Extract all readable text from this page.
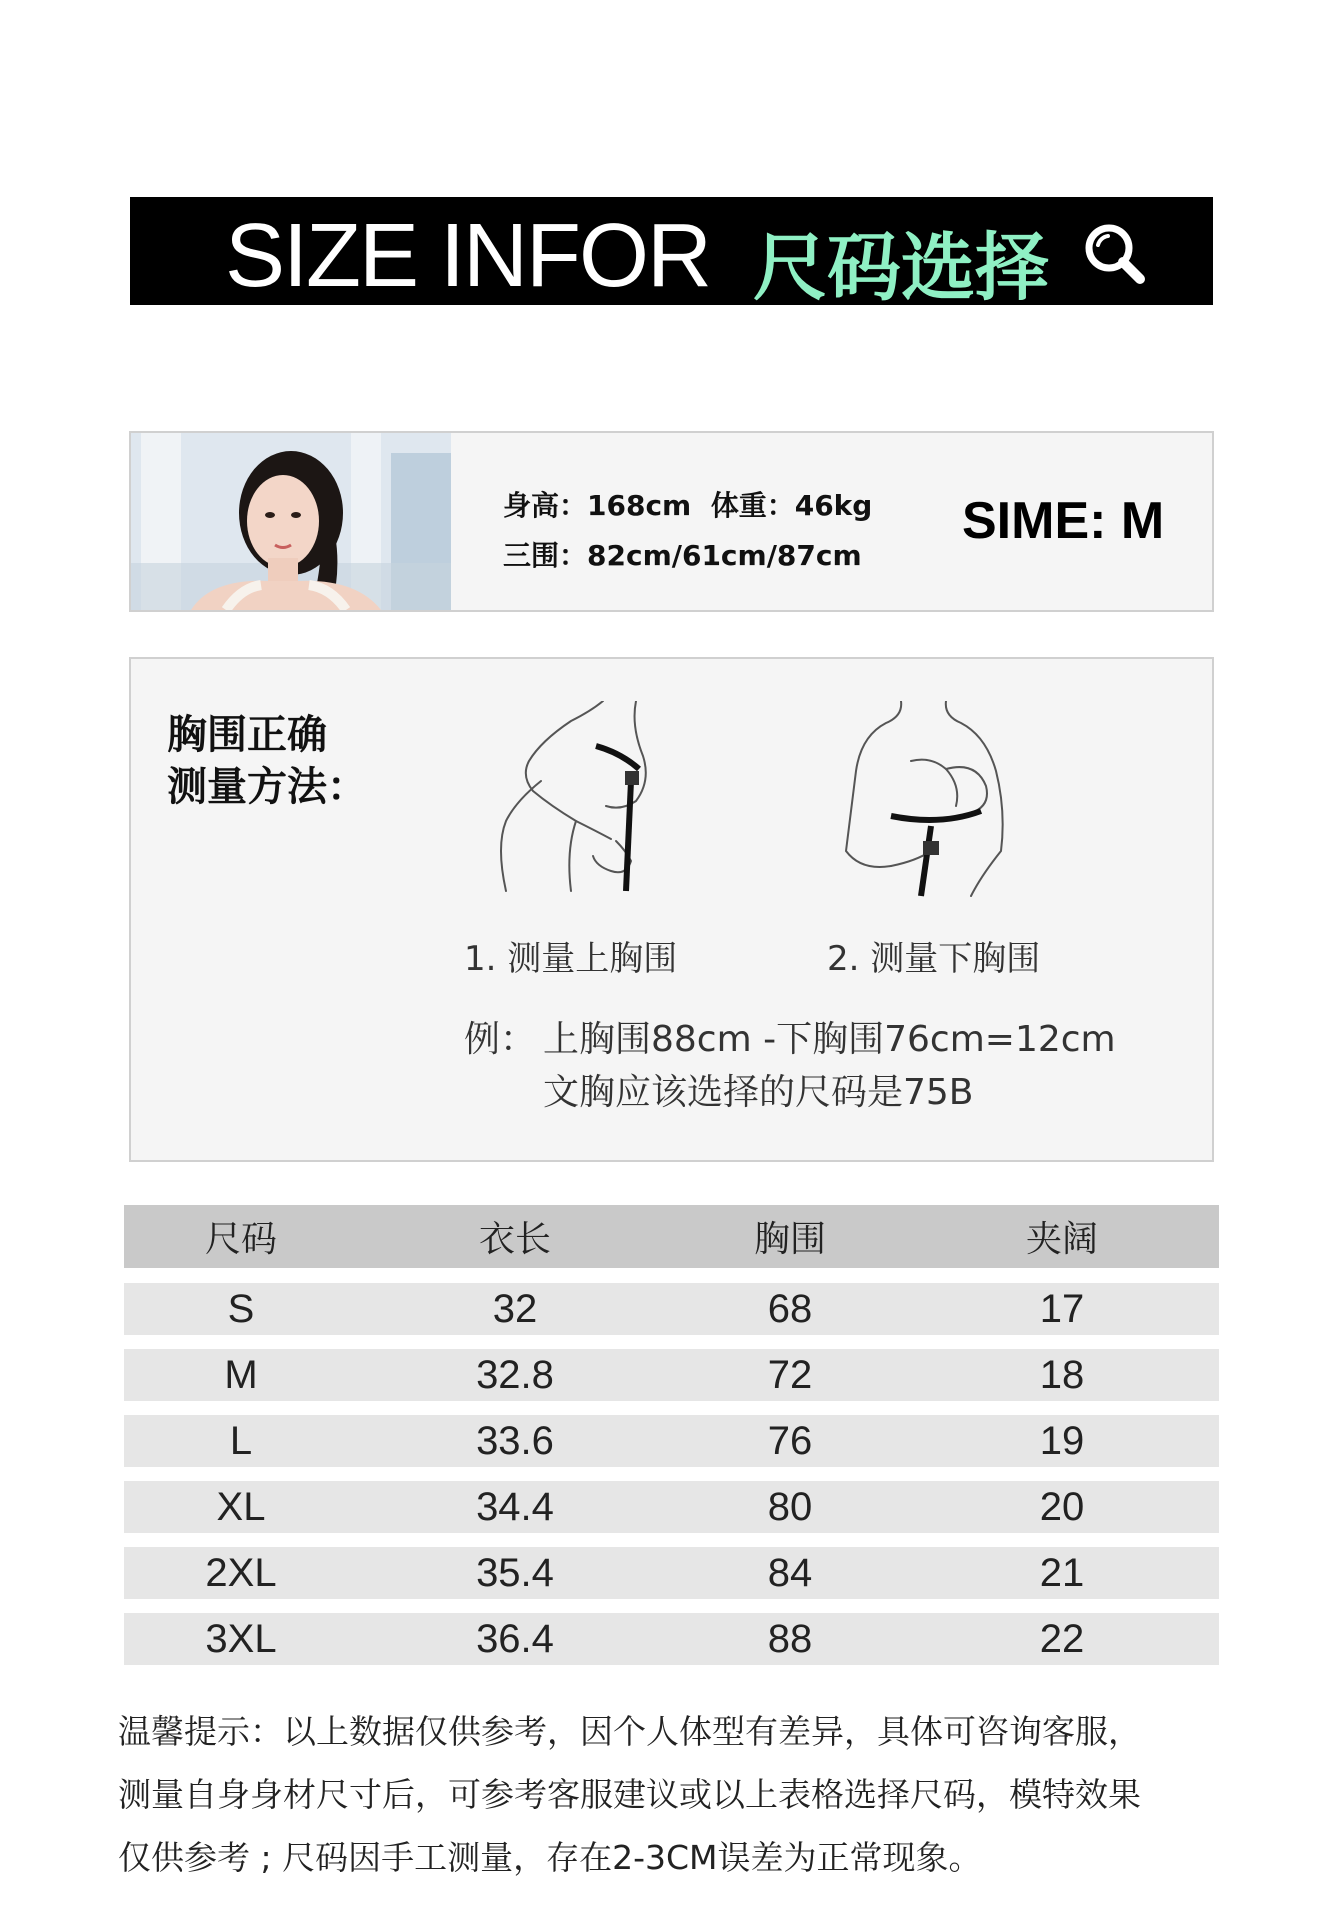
SIZE INFOR 尺码选择
身高：168cm  体重：46kg
三围：82cm/61cm/87cm
SIME: M
胸围正确
测量方法：
1. 测量上胸围	2. 测量下胸围
例： 上胸围88cm -下胸围76cm=12cm
文胸应该选择的尺码是75B
尺码	衣长	胸围	夹阔
S	32	68	17
M	32.8	72	18
L	33.6	76	19
XL	34.4	80	20
2XL	35.4	84	21
3XL	36.4	88	22
温馨提示：以上数据仅供参考，因个人体型有差异，具体可咨询客服，
测量自身身材尺寸后，可参考客服建议或以上表格选择尺码，模特效果
仅供参考 ; 尺码因手工测量，存在2-3CM误差为正常现象。
